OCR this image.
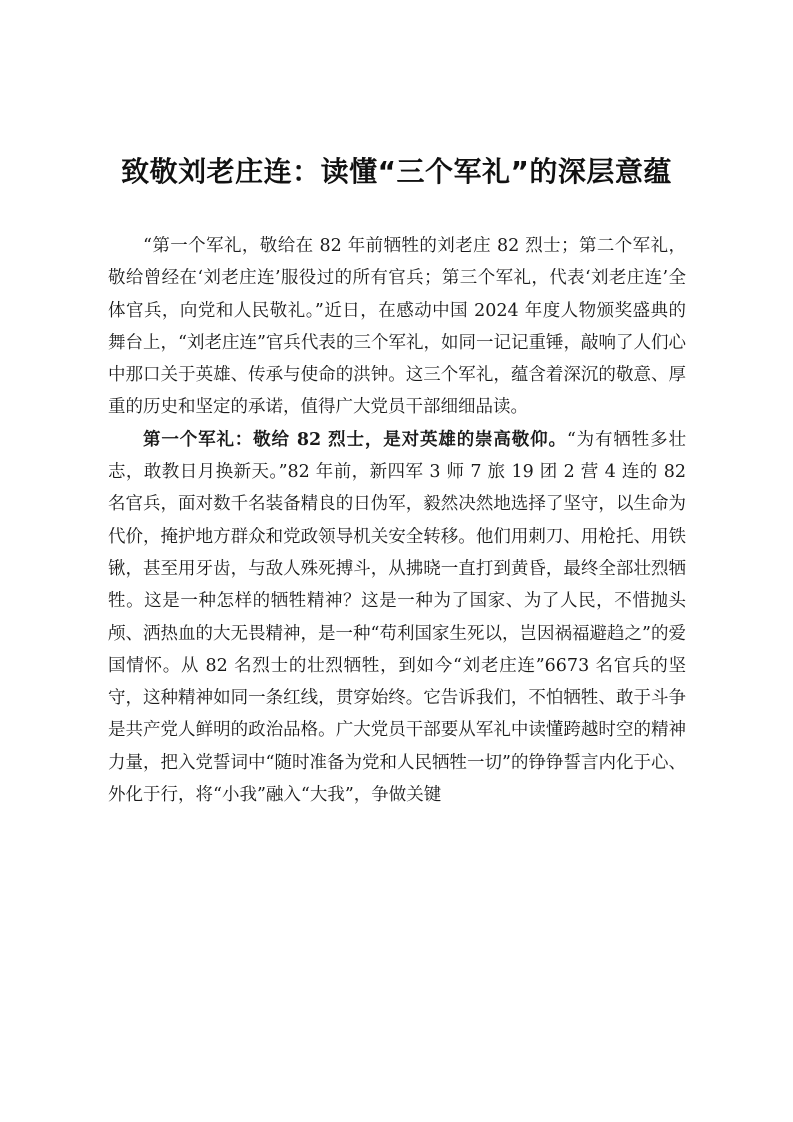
致敬刘老庄连：读懂“三个军礼”的深层意蕴

“第一个军礼，敬给在 82 年前牺牲的刘老庄 82 烈士；第二个军礼，敬给曾经在‘刘老庄连’服役过的所有官兵；第三个军礼，代表‘刘老庄连’全体官兵，向党和人民敬礼。”近日，在感动中国 2024 年度人物颁奖盛典的舞台上，“刘老庄连”官兵代表的三个军礼，如同一记记重锤，敲响了人们心中那口关于英雄、传承与使命的洪钟。这三个军礼，蕴含着深沉的敬意、厚重的历史和坚定的承诺，值得广大党员干部细细品读。

第一个军礼：敬给 82 烈士，是对英雄的崇高敬仰。“为有牺牲多壮志，敢教日月换新天。”82 年前，新四军 3 师 7 旅 19 团 2 营 4 连的 82 名官兵，面对数千名装备精良的日伪军，毅然决然地选择了坚守，以生命为代价，掩护地方群众和党政领导机关安全转移。他们用刺刀、用枪托、用铁锹，甚至用牙齿，与敌人殊死搏斗，从拂晓一直打到黄昏，最终全部壮烈牺牲。这是一种怎样的牺牲精神？这是一种为了国家、为了人民，不惜抛头颅、洒热血的大无畏精神，是一种“苟利国家生死以，岂因祸福避趋之”的爱国情怀。从 82 名烈士的壮烈牺牲，到如今“刘老庄连”6673 名官兵的坚守，这种精神如同一条红线，贯穿始终。它告诉我们，不怕牺牲、敢于斗争是共产党人鲜明的政治品格。广大党员干部要从军礼中读懂跨越时空的精神力量，把入党誓词中“随时准备为党和人民牺牲一切”的铮铮誓言内化于心、外化于行，将“小我”融入“大我”，争做关键
